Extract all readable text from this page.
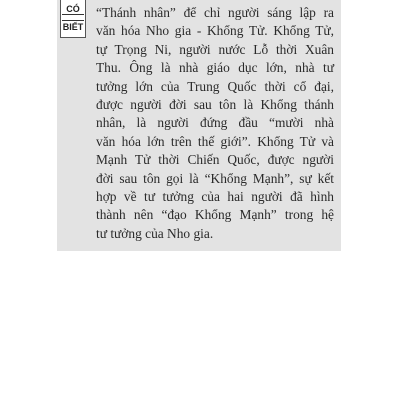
CÓ
BIẾT

“Thánh nhân” để chỉ người sáng lập ra
văn hóa Nho gia - Khổng Tử. Khổng Tử,
tự Trọng Ni, người nước Lỗ thời Xuân
Thu. Ông là nhà giáo dục lớn, nhà tư
tưởng lớn của Trung Quốc thời cổ đại,
được người đời sau tôn là Khổng thánh
nhân, là người đứng đầu “mười nhà
văn hóa lớn trên thế giới”. Khổng Tử và
Mạnh Tử thời Chiến Quốc, được người
đời sau tôn gọi là “Khổng Mạnh”, sự kết
hợp về tư tưởng của hai người đã hình
thành nên “đạo Khổng Mạnh” trong hệ
tư tưởng của Nho gia.
